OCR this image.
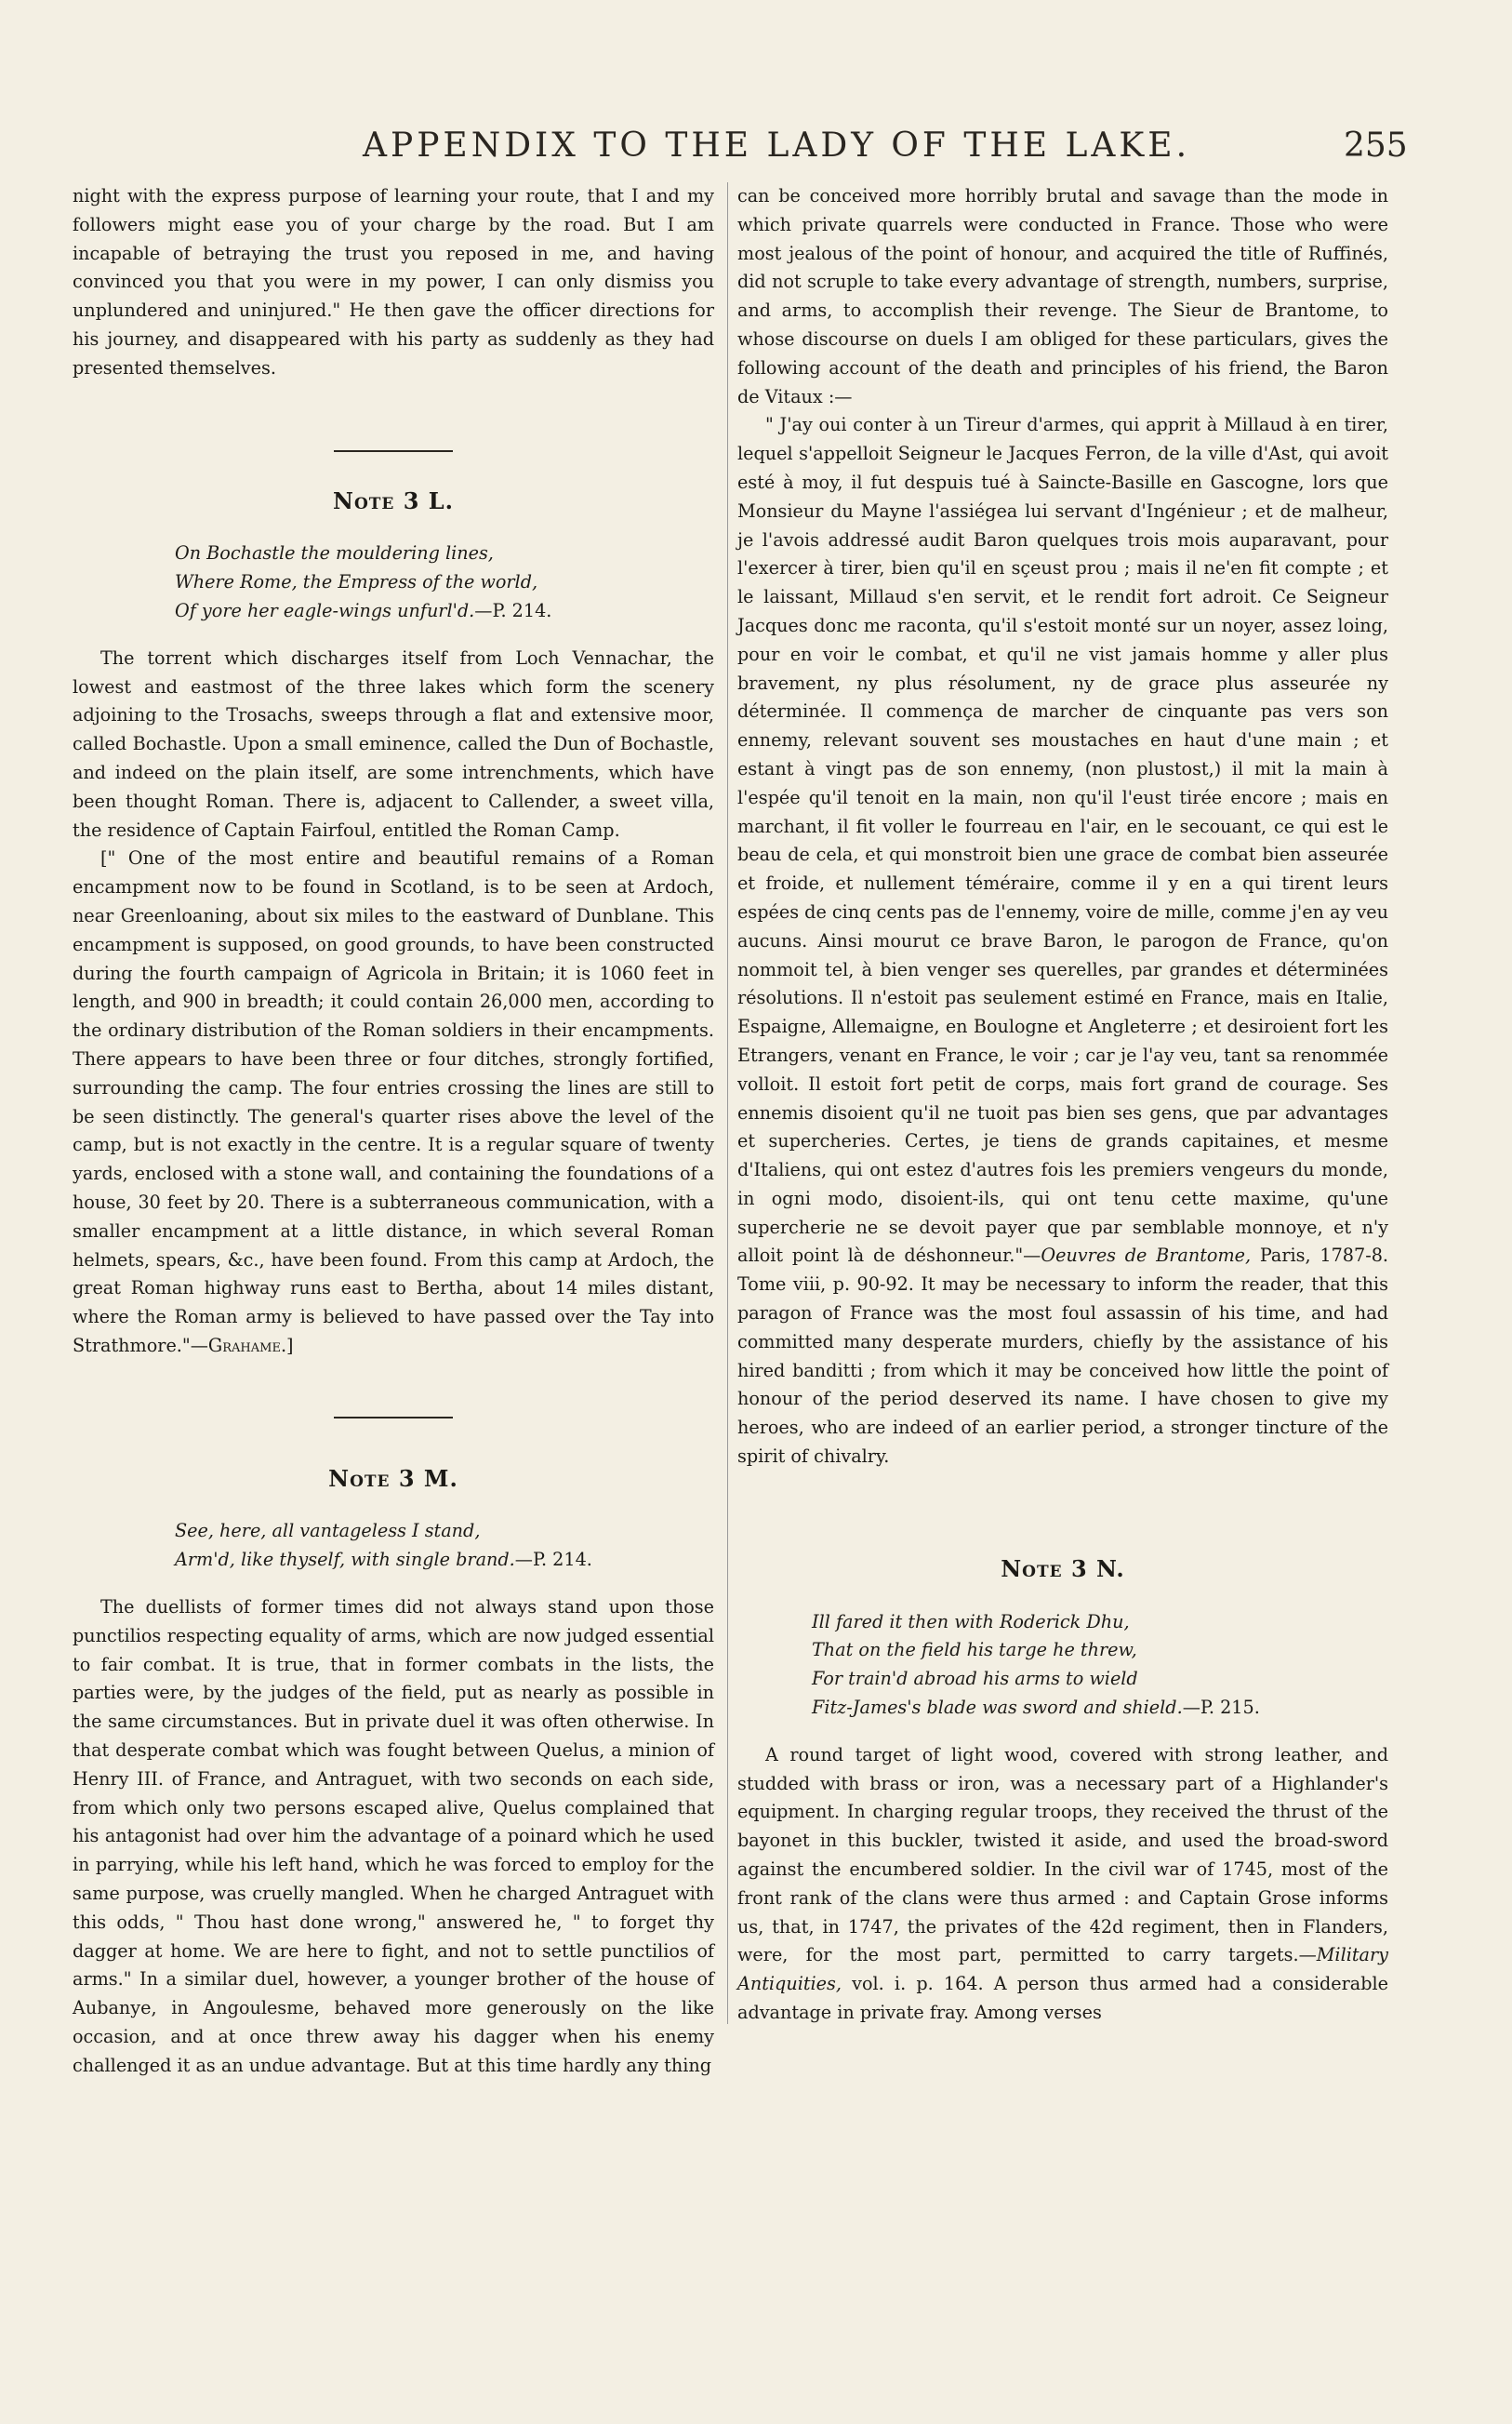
APPENDIX TO THE LADY OF THE LAKE.	255

night with the express purpose of learning your route, that I and my followers might ease you of your charge by the road. But I am incapable of betraying the trust you reposed in me, and having convinced you that you were in my power, I can only dismiss you unplundered and uninjured." He then gave the officer directions for his journey, and disappeared with his party as suddenly as they had presented themselves.

Note 3 L.
On Bochastle the mouldering lines,
Where Rome, the Empress of the world,
Of yore her eagle-wings unfurl'd.—P. 214.

The torrent which discharges itself from Loch Vennachar, the lowest and eastmost of the three lakes which form the scenery adjoining to the Trosachs, sweeps through a flat and extensive moor, called Bochastle. Upon a small eminence, called the Dun of Bochastle, and indeed on the plain itself, are some intrenchments, which have been thought Roman. There is, adjacent to Callender, a sweet villa, the residence of Captain Fairfoul, entitled the Roman Camp.

[" One of the most entire and beautiful remains of a Roman encampment now to be found in Scotland, is to be seen at Ardoch, near Greenloaning, about six miles to the eastward of Dunblane. This encampment is supposed, on good grounds, to have been constructed during the fourth campaign of Agricola in Britain; it is 1060 feet in length, and 900 in breadth; it could contain 26,000 men, according to the ordinary distribution of the Roman soldiers in their encampments. There appears to have been three or four ditches, strongly fortified, surrounding the camp. The four entries crossing the lines are still to be seen distinctly. The general's quarter rises above the level of the camp, but is not exactly in the centre. It is a regular square of twenty yards, enclosed with a stone wall, and containing the foundations of a house, 30 feet by 20. There is a subterraneous communication, with a smaller encampment at a little distance, in which several Roman helmets, spears, &c., have been found. From this camp at Ardoch, the great Roman highway runs east to Bertha, about 14 miles distant, where the Roman army is believed to have passed over the Tay into Strathmore."—Grahame.]

Note 3 M.
See, here, all vantageless I stand,
Arm'd, like thyself, with single brand.—P. 214.

The duellists of former times did not always stand upon those punctilios respecting equality of arms, which are now judged essential to fair combat. It is true, that in former combats in the lists, the parties were, by the judges of the field, put as nearly as possible in the same circumstances. But in private duel it was often otherwise. In that desperate combat which was fought between Quelus, a minion of Henry III. of France, and Antraguet, with two seconds on each side, from which only two persons escaped alive, Quelus complained that his antagonist had over him the advantage of a poinard which he used in parrying, while his left hand, which he was forced to employ for the same purpose, was cruelly mangled. When he charged Antraguet with this odds, " Thou hast done wrong," answered he, " to forget thy dagger at home. We are here to fight, and not to settle punctilios of arms." In a similar duel, however, a younger brother of the house of Aubanye, in Angoulesme, behaved more generously on the like occasion, and at once threw away his dagger when his enemy challenged it as an undue advantage. But at this time hardly any thing

can be conceived more horribly brutal and savage than the mode in which private quarrels were conducted in France. Those who were most jealous of the point of honour, and acquired the title of Ruffinés, did not scruple to take every advantage of strength, numbers, surprise, and arms, to accomplish their revenge. The Sieur de Brantome, to whose discourse on duels I am obliged for these particulars, gives the following account of the death and principles of his friend, the Baron de Vitaux :—

" J'ay oui conter à un Tireur d'armes, qui apprit à Millaud à en tirer, lequel s'appelloit Seigneur le Jacques Ferron, de la ville d'Ast, qui avoit esté à moy, il fut despuis tué à Saincte-Basille en Gascogne, lors que Monsieur du Mayne l'assiégea lui servant d'Ingénieur ; et de malheur, je l'avois addressé audit Baron quelques trois mois auparavant, pour l'exercer à tirer, bien qu'il en sçeust prou ; mais il ne'en fit compte ; et le laissant, Millaud s'en servit, et le rendit fort adroit. Ce Seigneur Jacques donc me raconta, qu'il s'estoit monté sur un noyer, assez loing, pour en voir le combat, et qu'il ne vist jamais homme y aller plus bravement, ny plus résolument, ny de grace plus asseurée ny déterminée. Il commença de marcher de cinquante pas vers son ennemy, relevant souvent ses moustaches en haut d'une main ; et estant à vingt pas de son ennemy, (non plustost,) il mit la main à l'espée qu'il tenoit en la main, non qu'il l'eust tirée encore ; mais en marchant, il fit voller le fourreau en l'air, en le secouant, ce qui est le beau de cela, et qui monstroit bien une grace de combat bien asseurée et froide, et nullement téméraire, comme il y en a qui tirent leurs espées de cinq cents pas de l'ennemy, voire de mille, comme j'en ay veu aucuns. Ainsi mourut ce brave Baron, le parogon de France, qu'on nommoit tel, à bien venger ses querelles, par grandes et déterminées résolutions. Il n'estoit pas seulement estimé en France, mais en Italie, Espaigne, Allemaigne, en Boulogne et Angleterre ; et desiroient fort les Etrangers, venant en France, le voir ; car je l'ay veu, tant sa renommée volloit. Il estoit fort petit de corps, mais fort grand de courage. Ses ennemis disoient qu'il ne tuoit pas bien ses gens, que par advantages et supercheries. Certes, je tiens de grands capitaines, et mesme d'Italiens, qui ont estez d'autres fois les premiers vengeurs du monde, in ogni modo, disoient-ils, qui ont tenu cette maxime, qu'une supercherie ne se devoit payer que par semblable monnoye, et n'y alloit point là de déshonneur."—Oeuvres de Brantome, Paris, 1787-8. Tome viii, p. 90-92. It may be necessary to inform the reader, that this paragon of France was the most foul assassin of his time, and had committed many desperate murders, chiefly by the assistance of his hired banditti ; from which it may be conceived how little the point of honour of the period deserved its name. I have chosen to give my heroes, who are indeed of an earlier period, a stronger tincture of the spirit of chivalry.

Note 3 N.
Ill fared it then with Roderick Dhu,
That on the field his targe he threw,
For train'd abroad his arms to wield
Fitz-James's blade was sword and shield.—P. 215.

A round target of light wood, covered with strong leather, and studded with brass or iron, was a necessary part of a Highlander's equipment. In charging regular troops, they received the thrust of the bayonet in this buckler, twisted it aside, and used the broad-sword against the encumbered soldier. In the civil war of 1745, most of the front rank of the clans were thus armed : and Captain Grose informs us, that, in 1747, the privates of the 42d regiment, then in Flanders, were, for the most part, permitted to carry targets.—Military Antiquities, vol. i. p. 164. A person thus armed had a considerable advantage in private fray. Among verses
